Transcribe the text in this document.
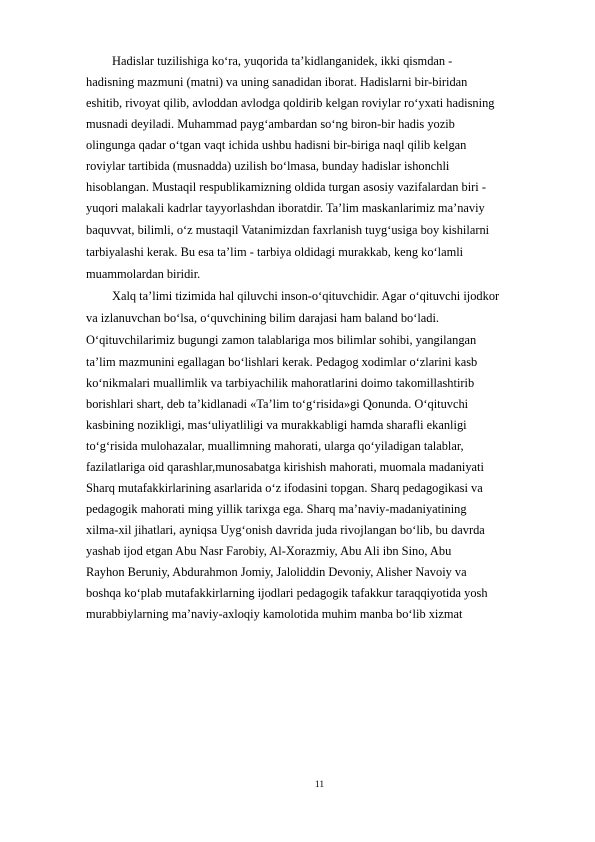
Hadislar tuzilishiga ko‘ra, yuqorida ta’kidlanganidek, ikki qismdan -
hadisning mazmuni (matni) va uning sanadidan iborat. Hadislarni bir-biridan
eshitib, rivoyat qilib, avloddan avlodga qoldirib kelgan roviylar ro‘yxati hadisning
musnadi deyiladi. Muhammad payg‘ambardan so‘ng biron-bir hadis yozib
olingunga qadar o‘tgan vaqt ichida ushbu hadisni bir-biriga naql qilib kelgan
roviylar tartibida (musnadda) uzilish bo‘lmasa, bunday hadislar ishonchli
hisoblangan. Mustaqil respublikamizning oldida turgan asosiy vazifalardan biri -
yuqori malakali kadrlar tayyorlashdan iboratdir. Ta’lim maskanlarimiz ma’naviy
baquvvat, bilimli, o‘z mustaqil Vatanimizdan faxrlanish tuyg‘usiga boy kishilarni
tarbiyalashi kerak. Bu esa ta’lim - tarbiya oldidagi murakkab, keng ko‘lamli
muammolardan biridir.
Xalq ta’limi tizimida hal qiluvchi inson-o‘qituvchidir. Agar o‘qituvchi ijodkor
va izlanuvchan bo‘lsa, o‘quvchining bilim darajasi ham baland bo‘ladi.
O‘qituvchilarimiz bugungi zamon talablariga mos bilimlar sohibi, yangilangan
ta’lim mazmunini egallagan bo‘lishlari kerak. Pedagog xodimlar o‘zlarini kasb
ko‘nikmalari muallimlik va tarbiyachilik mahoratlarini doimo takomillashtirib
borishlari shart, deb ta’kidlanadi «Ta’lim to‘g‘risida»gi Qonunda. O‘qituvchi
kasbining nozikligi, mas‘uliyatliligi va murakkabligi hamda sharafli ekanligi
to‘g‘risida mulohazalar, muallimning mahorati, ularga qo‘yiladigan talablar,
fazilatlariga oid qarashlar,munosabatga kirishish mahorati, muomala madaniyati
Sharq mutafakkirlarining asarlarida o‘z ifodasini topgan. Sharq pedagogikasi va
pedagogik mahorati ming yillik tarixga ega. Sharq ma’naviy-madaniyatining
xilma-xil jihatlari, ayniqsa Uyg‘onish davrida juda rivojlangan bo‘lib, bu davrda
yashab ijod etgan Abu Nasr Farobiy, Al-Xorazmiy, Abu Ali ibn Sino, Abu
Rayhon Beruniy, Abdurahmon Jomiy, Jaloliddin Devoniy, Alisher Navoiy va
boshqa ko‘plab mutafakkirlarning ijodlari pedagogik tafakkur taraqqiyotida yosh
murabbiylarning ma’naviy-axloqiy kamolotida muhim manba bo‘lib xizmat
11
